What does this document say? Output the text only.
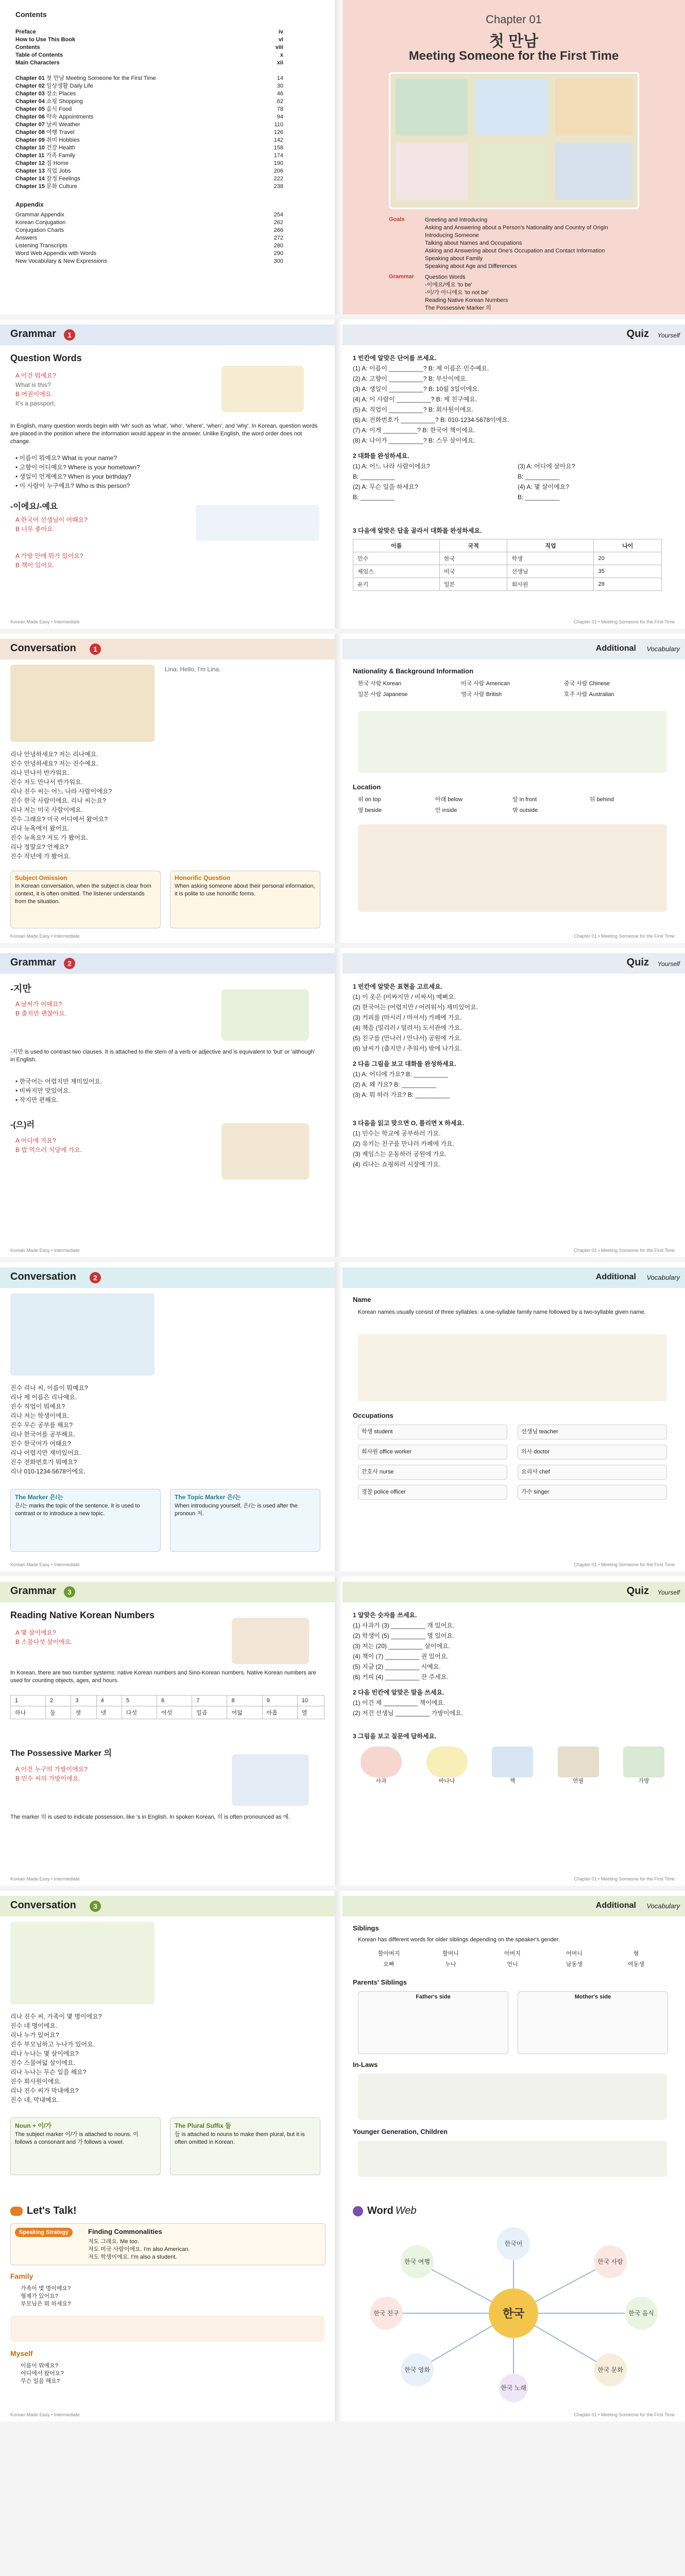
Contents
Preface	iv
How to Use This Book	vi
Contents	viii
Table of Contents	x
Main Characters	xii
Chapter 01 첫 만남 Meeting Someone for the First Time	14
Chapter 02 일상생활 Daily Life	30
Chapter 03 장소 Places	46
Chapter 04 쇼핑 Shopping	62
Chapter 05 음식 Food	78
Chapter 06 약속 Appointments	94
Chapter 07 날씨 Weather	110
Chapter 08 여행 Travel	126
Chapter 09 취미 Hobbies	142
Chapter 10 건강 Health	158
Chapter 11 가족 Family	174
Chapter 12 집 Home	190
Chapter 13 직업 Jobs	206
Chapter 14 감정 Feelings	222
Chapter 15 문화 Culture	238
Appendix
Grammar Appendix	254
Korean Conjugation	262
Conjugation Charts	266
Answers	272
Listening Transcripts	280
Word Web Appendix with Words	290
New Vocabulary & New Expressions	300
Chapter 01
첫 만남
Meeting Someone for the First Time
Goals	Greeting and Introducing
Asking and Answering about a Person's Nationality and Country of Origin
Introducing Someone
Talking about Names and Occupations
Asking and Answering about One's Occupation and Contact Information
Speaking about Family
Speaking about Age and Differences
Grammar	Question Words
-이에요/예요 'to be'
-이/가 아니에요 'to not be'
Reading Native Korean Numbers
The Possessive Marker 의
Grammar	1
Question Words
A 이건 뭐예요?
What is this?
B 여권이에요.
It's a passport.
In English, many question words begin with 'wh' such as 'what', 'who', 'where', 'when', and 'why'. In Korean, question words are placed in the position where the information would appear in the answer. Unlike English, the word order does not change.
• 이름이 뭐예요? What is your name?
• 고향이 어디예요? Where is your hometown?
• 생일이 언제예요? When is your birthday?
• 이 사람이 누구예요? Who is this person?
-이에요/-예요
A 한국어 선생님이 어때요?
B 너무 좋아요.
A 가방 안에 뭐가 있어요?
B 책이 있어요.
Korean Made Easy • Intermediate
Quiz Yourself
1 빈칸에 알맞은 단어를 쓰세요.
(1) A: 이름이 __________? B: 제 이름은 민수예요.
(2) A: 고향이 __________? B: 부산이에요.
(3) A: 생일이 __________? B: 10월 3일이에요.
(4) A: 이 사람이 __________? B: 제 친구예요.
(5) A: 직업이 __________? B: 회사원이에요.
(6) A: 전화번호가 __________? B: 010-1234-5678이에요.
(7) A: 이게 __________? B: 한국어 책이에요.
(8) A: 나이가 __________? B: 스무 살이에요.
2 대화를 완성하세요.
(1) A: 어느 나라 사람이에요?	(3) A: 어디에 살아요?
B: __________	B: __________
(2) A: 무슨 일을 하세요?	(4) A: 몇 살이에요?
B: __________	B: __________
3 다음에 알맞은 답을 골라서 대화를 완성하세요.
이름	국적	직업	나이
민수	한국	학생	20
제임스	미국	선생님	35
유키	일본	회사원	28
Chapter 01 • Meeting Someone for the First Time
Conversation	1
Lina: Hello, I'm Lina.
리나 안녕하세요? 저는 리나예요.
진수 안녕하세요? 저는 진수예요.
리나 만나서 반가워요.
진수 저도 만나서 반가워요.
리나 진수 씨는 어느 나라 사람이에요?
진수 한국 사람이에요. 리나 씨는요?
리나 저는 미국 사람이에요.
진수 그래요? 미국 어디에서 왔어요?
리나 뉴욕에서 왔어요.
진수 뉴욕요? 저도 가 봤어요.
리나 정말요? 언제요?
진수 작년에 가 봤어요.
Subject Omission
In Korean conversation, when the subject is clear from context, it is often omitted. The listener understands from the situation.
Honorific Question
When asking someone about their personal information, it is polite to use honorific forms.
Korean Made Easy • Intermediate
Additional Vocabulary
Nationality & Background Information
한국 사람 Korean	미국 사람 American	중국 사람 Chinese
일본 사람 Japanese	영국 사람 British	호주 사람 Australian
Location
위 on top	아래 below	앞 in front	뒤 behind
옆 beside	안 inside	밖 outside
Chapter 01 • Meeting Someone for the First Time
Grammar	2
-지만
A 날씨가 어때요?
B 춥지만 괜찮아요.
-지만 is used to contrast two clauses. It is attached to the stem of a verb or adjective and is equivalent to 'but' or 'although' in English.
• 한국어는 어렵지만 재미있어요.
• 비싸지만 맛있어요.
• 작지만 편해요.
-(으)러
A 어디에 가요?
B 밥 먹으러 식당에 가요.
Korean Made Easy • Intermediate
Quiz Yourself
1 빈칸에 알맞은 표현을 고르세요.
(1) 이 옷은 (비싸지만 / 비싸서) 예뻐요.
(2) 한국어는 (어렵지만 / 어려워서) 재미있어요.
(3) 커피를 (마시러 / 마셔서) 카페에 가요.
(4) 책을 (빌리러 / 빌려서) 도서관에 가요.
(5) 친구를 (만나러 / 만나서) 공원에 가요.
(6) 날씨가 (춥지만 / 추워서) 밖에 나가요.
2 다음 그림을 보고 대화를 완성하세요.
(1) A: 어디에 가요? B: __________
(2) A: 왜 가요? B: __________
(3) A: 뭐 하러 가요? B: __________
3 다음을 읽고 맞으면 O, 틀리면 X 하세요.
(1) 민수는 학교에 공부하러 가요.
(2) 유키는 친구를 만나러 카페에 가요.
(3) 제임스는 운동하러 공원에 가요.
(4) 리나는 쇼핑하러 시장에 가요.
Chapter 01 • Meeting Someone for the First Time
Conversation	2
진수 리나 씨, 이름이 뭐예요?
리나 제 이름은 리나예요.
진수 직업이 뭐예요?
리나 저는 학생이에요.
진수 무슨 공부를 해요?
리나 한국어를 공부해요.
진수 한국어가 어때요?
리나 어렵지만 재미있어요.
진수 전화번호가 뭐예요?
리나 010-1234-5678이에요.
The Marker 은/는
은/는 marks the topic of the sentence. It is used to contrast or to introduce a new topic.
The Topic Marker 은/는
When introducing yourself, 은/는 is used after the pronoun 저.
Korean Made Easy • Intermediate
Additional Vocabulary
Name
Korean names usually consist of three syllables: a one-syllable family name followed by a two-syllable given name.
Occupations
학생 student	선생님 teacher
회사원 office worker	의사 doctor
간호사 nurse	요리사 chef
경찰 police officer	가수 singer
Chapter 01 • Meeting Someone for the First Time
Grammar	3
Reading Native Korean Numbers
A 몇 살이에요?
B 스물다섯 살이에요.
In Korean, there are two number systems: native Korean numbers and Sino-Korean numbers. Native Korean numbers are used for counting objects, ages, and hours.
1	2	3	4	5	6	7	8	9	10
하나	둘	셋	넷	다섯	여섯	일곱	여덟	아홉	열
The Possessive Marker 의
A 이건 누구의 가방이에요?
B 민수 씨의 가방이에요.
The marker 의 is used to indicate possession, like 's in English. In spoken Korean, 의 is often pronounced as 에.
Korean Made Easy • Intermediate
Quiz Yourself
1 알맞은 숫자를 쓰세요.
(1) 사과가 (3) __________ 개 있어요.
(2) 학생이 (5) __________ 명 있어요.
(3) 저는 (20) __________ 살이에요.
(4) 책이 (7) __________ 권 있어요.
(5) 지금 (2) __________ 시예요.
(6) 커피 (4) __________ 잔 주세요.
2 다음 빈칸에 알맞은 말을 쓰세요.
(1) 이건 제 __________ 책이에요.
(2) 저건 선생님 __________ 가방이에요.
3 그림을 보고 질문에 답하세요.
사과	바나나	책	연필	가방
Chapter 01 • Meeting Someone for the First Time
Conversation	3
리나 진수 씨, 가족이 몇 명이에요?
진수 네 명이에요.
리나 누가 있어요?
진수 부모님하고 누나가 있어요.
리나 누나는 몇 살이에요?
진수 스물여덟 살이에요.
리나 누나는 무슨 일을 해요?
진수 회사원이에요.
리나 진수 씨가 막내예요?
진수 네, 막내예요.
Noun + 이/가
The subject marker 이/가 is attached to nouns. 이 follows a consonant and 가 follows a vowel.
The Plural Suffix 들
들 is attached to nouns to make them plural, but it is often omitted in Korean.
Let's Talk!
Speaking Strategy	Finding Commonalities
저도 그래요. Me too.
저도 미국 사람이에요. I'm also American.
저도 학생이에요. I'm also a student.
Family
가족이 몇 명이에요?
형제가 있어요?
부모님은 뭐 하세요?
Myself
이름이 뭐예요?
어디에서 왔어요?
무슨 일을 해요?
Korean Made Easy • Intermediate
Additional Vocabulary
Siblings
Korean has different words for older siblings depending on the speaker's gender.
할아버지	할머니	아버지	어머니	형
오빠	누나	언니	남동생	여동생
Parents' Siblings
Father's side	Mother's side
In-Laws
Younger Generation, Children
Word Web
한국
한국어
한국 사람
한국 음식
한국 문화
한국 노래
한국 영화
한국 친구
한국 여행
Chapter 01 • Meeting Someone for the First Time
